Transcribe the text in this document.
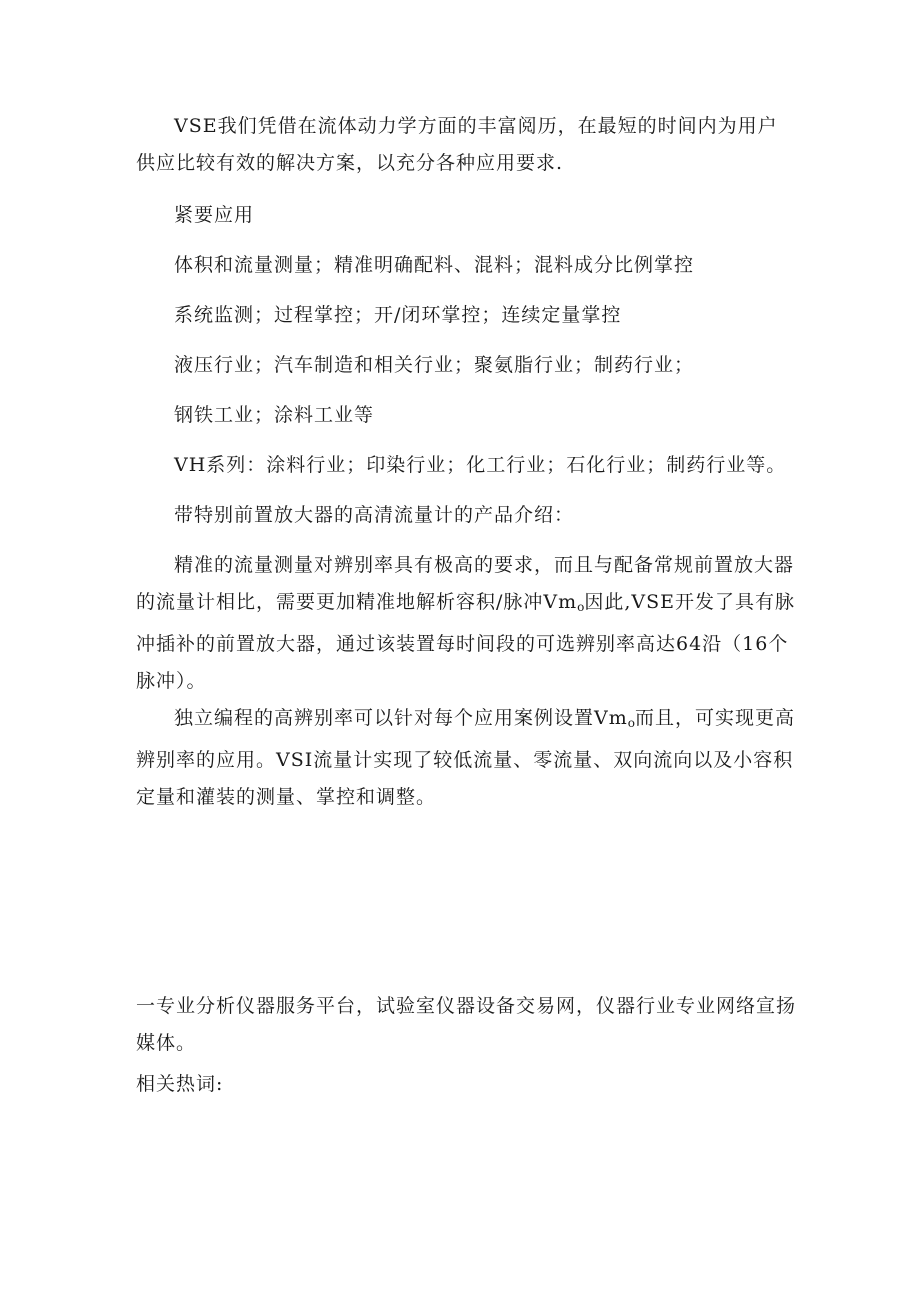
VSE我们凭借在流体动力学方面的丰富阅历，在最短的时间内为用户供应比较有效的解决方案，以充分各种应用要求.

紧要应用

体积和流量测量；精准明确配料、混料；混料成分比例掌控

系统监测；过程掌控；开/闭环掌控；连续定量掌控

液压行业；汽车制造和相关行业；聚氨脂行业；制药行业；

钢铁工业；涂料工业等

VH系列：涂料行业；印染行业；化工行业；石化行业；制药行业等。

带特别前置放大器的高清流量计的产品介绍：

精准的流量测量对辨别率具有极高的要求，而且与配备常规前置放大器的流量计相比，需要更加精准地解析容积/脉冲$Vm_o$因此,VSE开发了具有脉冲插补的前置放大器，通过该装置每时间段的可选辨别率高达64沿（16个脉冲）。

独立编程的高辨别率可以针对每个应用案例设置$Vm_o$而且，可实现更高辨别率的应用。VSI流量计实现了较低流量、零流量、双向流向以及小容积定量和灌装的测量、掌控和调整。

一专业分析仪器服务平台，试验室仪器设备交易网，仪器行业专业网络宣扬媒体。

相关热词:
